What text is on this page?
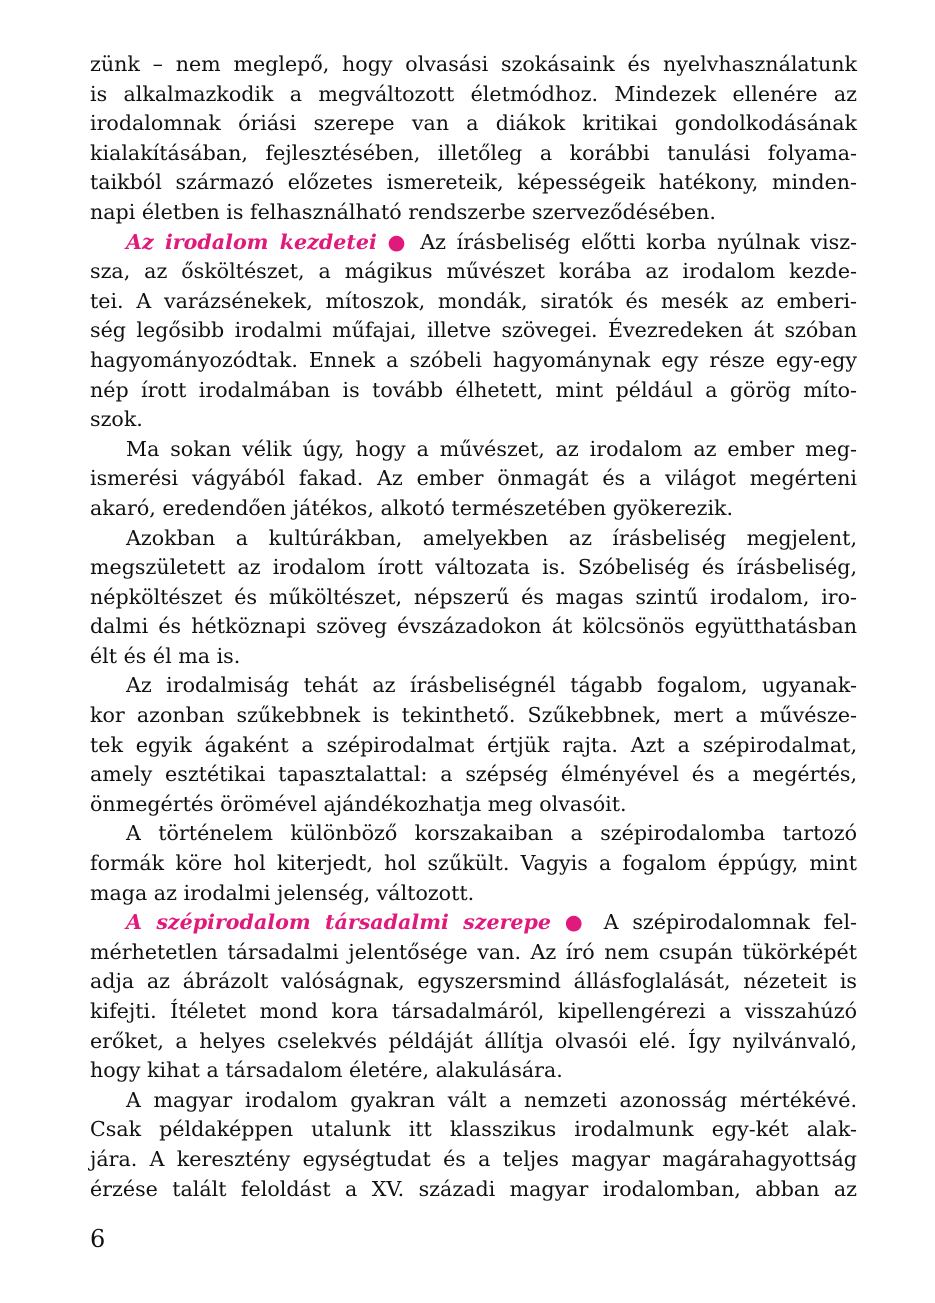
zünk – nem meglepő, hogy olvasási szokásaink és nyelvhasználatunk
is alkalmazkodik a megváltozott életmódhoz. Mindezek ellenére az
irodalomnak óriási szerepe van a diákok kritikai gondolkodásának
kialakításában, fejlesztésében, illetőleg a korábbi tanulási folyama-
taikból származó előzetes ismereteik, képességeik hatékony, minden-
napi életben is felhasználható rendszerbe szerveződésében.
Az irodalom kezdetei ● Az írásbeliség előtti korba nyúlnak visz-
sza, az ősköltészet, a mágikus művészet korába az irodalom kezde-
tei. A varázsénekek, mítoszok, mondák, siratók és mesék az emberi-
ség legősibb irodalmi műfajai, illetve szövegei. Évezredeken át szóban
hagyományozódtak. Ennek a szóbeli hagyománynak egy része egy-egy
nép írott irodalmában is tovább élhetett, mint például a görög míto-
szok.
Ma sokan vélik úgy, hogy a művészet, az irodalom az ember meg-
ismerési vágyából fakad. Az ember önmagát és a világot megérteni
akaró, eredendően játékos, alkotó természetében gyökerezik.
Azokban a kultúrákban, amelyekben az írásbeliség megjelent,
megszületett az irodalom írott változata is. Szóbeliség és írásbeliség,
népköltészet és műköltészet, népszerű és magas szintű irodalom, iro-
dalmi és hétköznapi szöveg évszázadokon át kölcsönös együtthatásban
élt és él ma is.
Az irodalmiság tehát az írásbeliségnél tágabb fogalom, ugyanak-
kor azonban szűkebbnek is tekinthető. Szűkebbnek, mert a művésze-
tek egyik ágaként a szépirodalmat értjük rajta. Azt a szépirodalmat,
amely esztétikai tapasztalattal: a szépség élményével és a megértés,
önmegértés örömével ajándékozhatja meg olvasóit.
A történelem különböző korszakaiban a szépirodalomba tartozó
formák köre hol kiterjedt, hol szűkült. Vagyis a fogalom éppúgy, mint
maga az irodalmi jelenség, változott.
A szépirodalom társadalmi szerepe ● A szépirodalomnak fel-
mérhetetlen társadalmi jelentősége van. Az író nem csupán tükörképét
adja az ábrázolt valóságnak, egyszersmind állásfoglalását, nézeteit is
kifejti. Ítéletet mond kora társadalmáról, kipellengérezi a visszahúzó
erőket, a helyes cselekvés példáját állítja olvasói elé. Így nyilvánvaló,
hogy kihat a társadalom életére, alakulására.
A magyar irodalom gyakran vált a nemzeti azonosság mértékévé.
Csak példaképpen utalunk itt klasszikus irodalmunk egy-két alak-
jára. A keresztény egységtudat és a teljes magyar magárahagyottság
érzése talált feloldást a XV. századi magyar irodalomban, abban az
6
